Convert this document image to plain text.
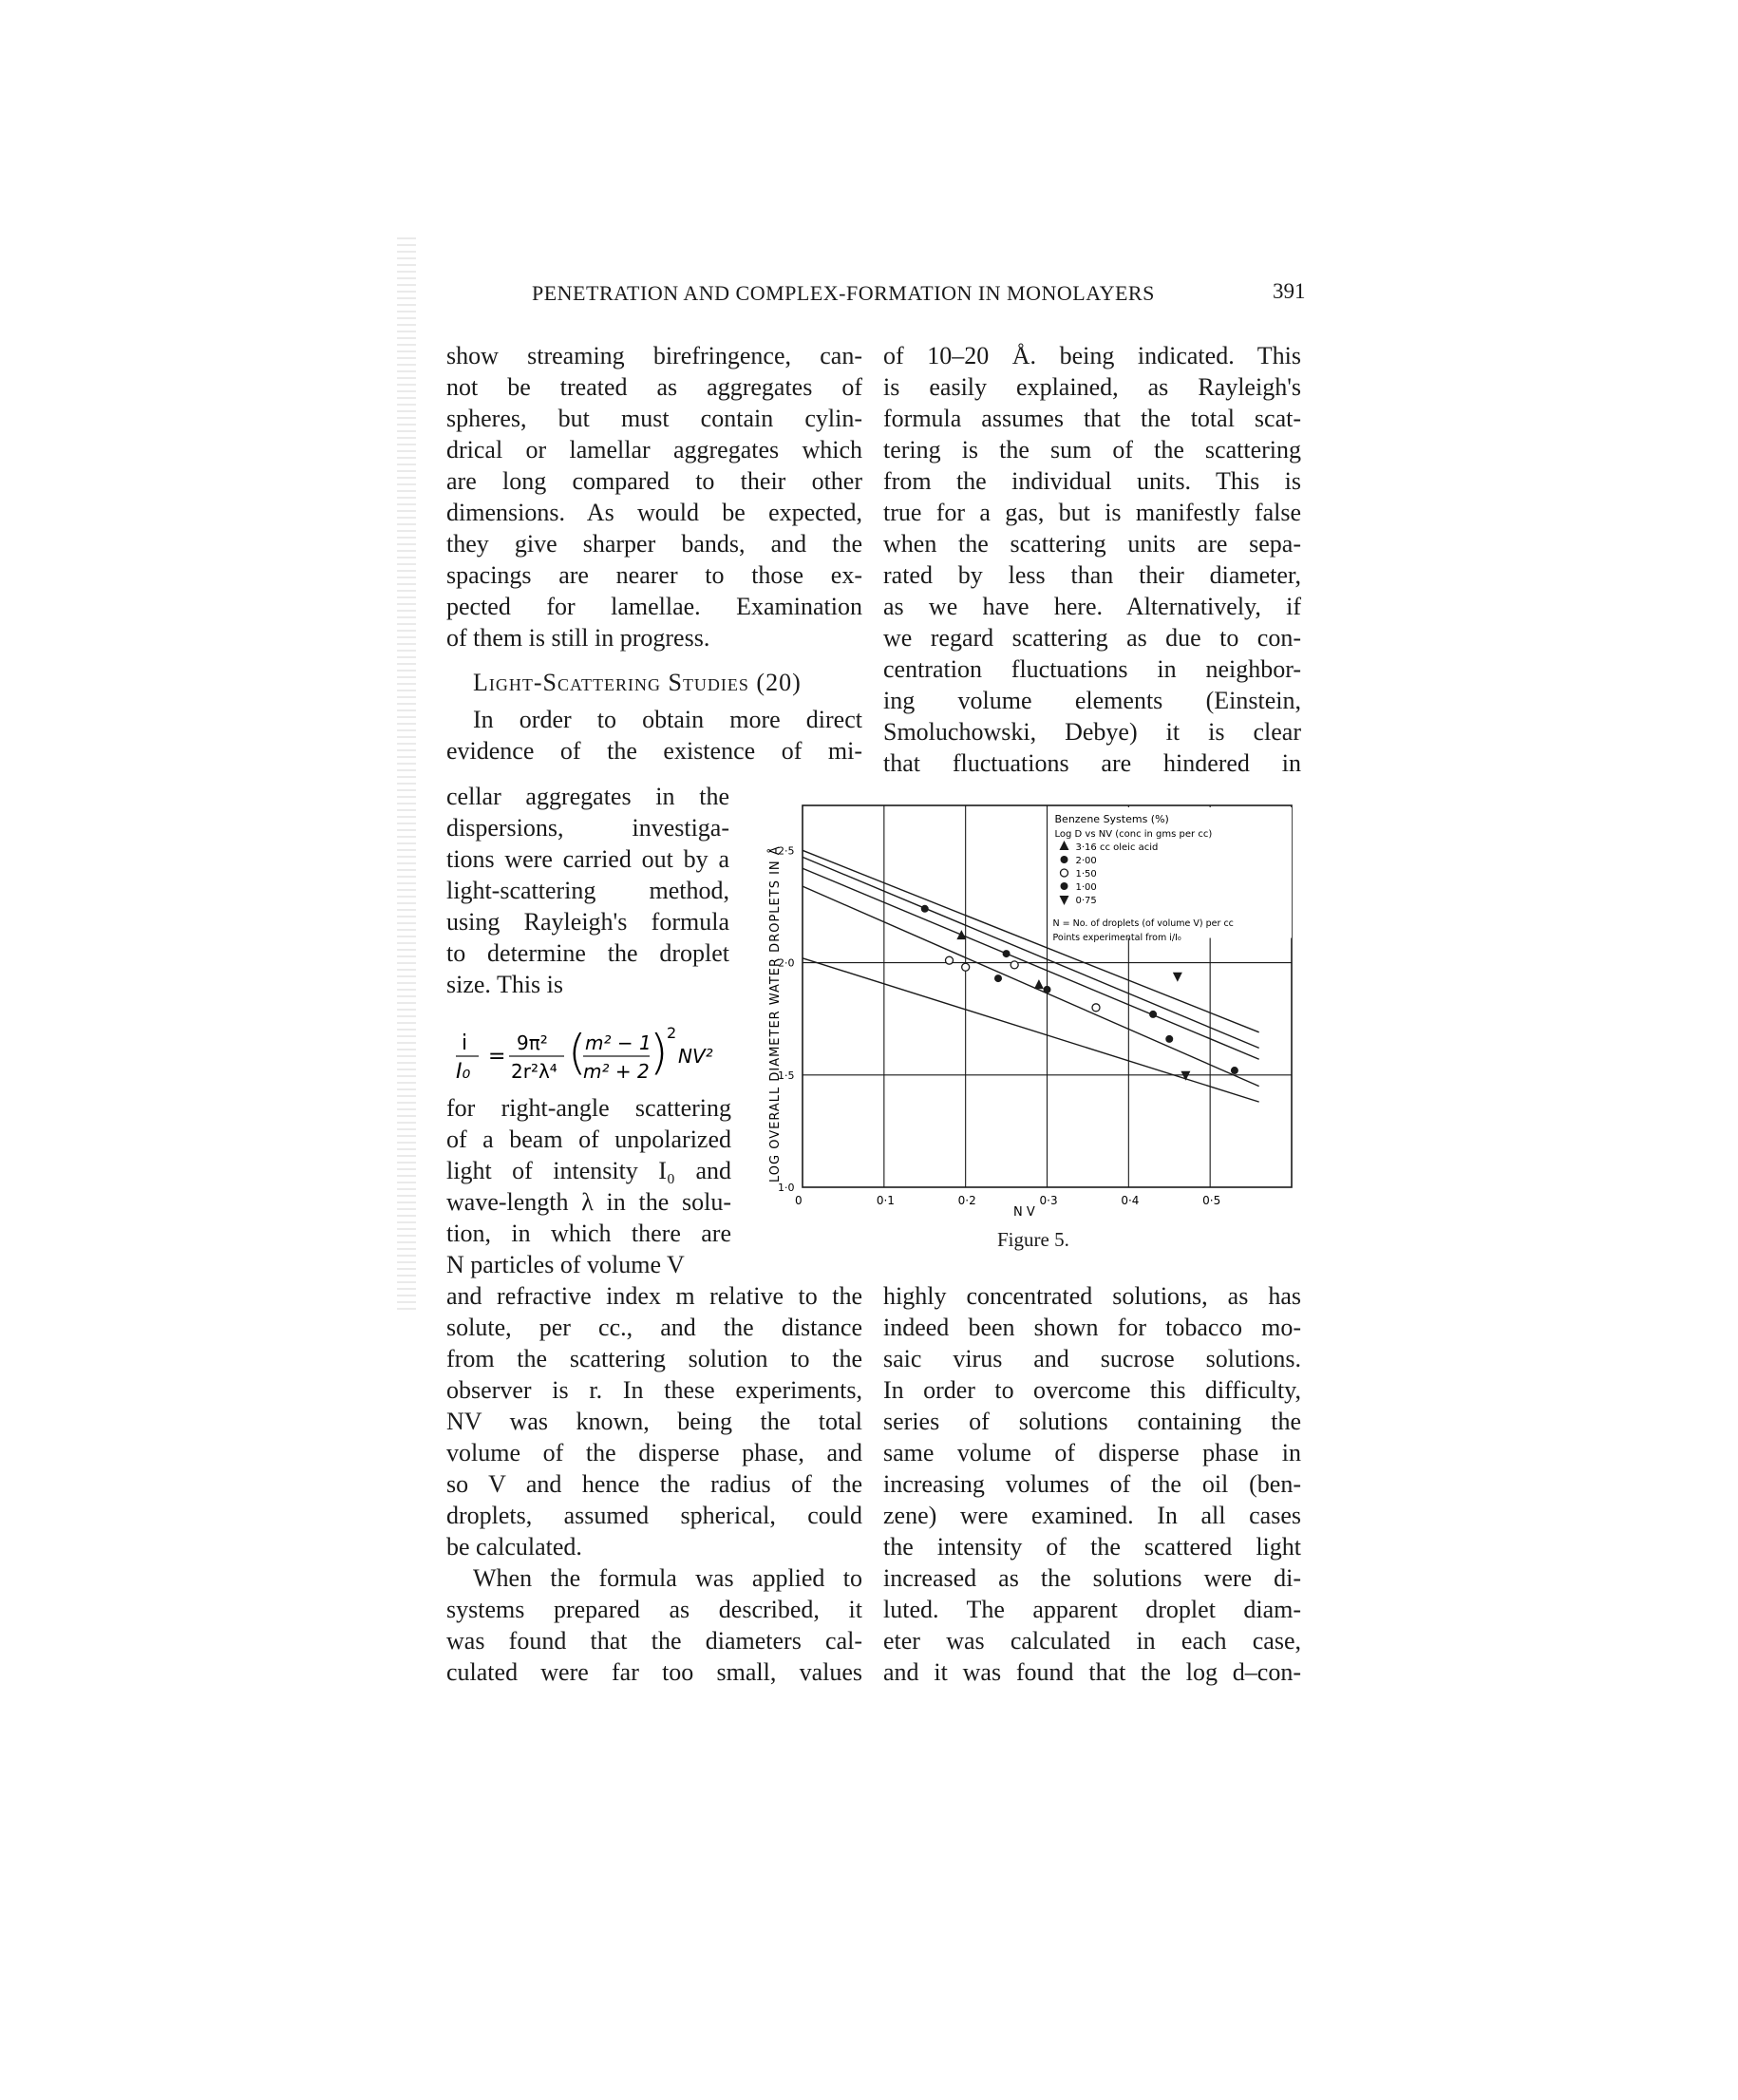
PENETRATION AND COMPLEX-FORMATION IN MONOLAYERS	391
show streaming birefringence, can-
not be treated as aggregates of
spheres, but must contain cylin-
drical or lamellar aggregates which
are long compared to their other
dimensions. As would be expected,
they give sharper bands, and the
spacings are nearer to those ex-
pected for lamellae. Examination
of them is still in progress.
Light-Scattering Studies (20)
In order to obtain more direct
evidence of the existence of mi-
cellar aggregates in the
dispersions, investiga-
tions were carried out by a
light-scattering method,
using Rayleigh's formula
to determine the droplet
size. This is
i
I₀
=
9π²
2r²λ⁴ (
m² − 1
m² + 2 )
2
NV²
for right-angle scattering
of a beam of unpolarized
light of intensity I₀ and
wave-length λ in the solu-
tion, in which there are
N particles of volume V
and refractive index m relative to the
solute, per cc., and the distance
from the scattering solution to the
observer is r. In these experiments,
NV was known, being the total
volume of the disperse phase, and
so V and hence the radius of the
droplets, assumed spherical, could
be calculated.
When the formula was applied to
systems prepared as described, it
was found that the diameters cal-
culated were far too small, values
of 10–20 Å. being indicated. This
is easily explained, as Rayleigh's
formula assumes that the total scat-
tering is the sum of the scattering
from the individual units. This is
true for a gas, but is manifestly false
when the scattering units are sepa-
rated by less than their diameter,
as we have here. Alternatively, if
we regard scattering as due to con-
centration fluctuations in neighbor-
ing volume elements (Einstein,
Smoluchowski, Debye) it is clear
that fluctuations are hindered in
highly concentrated solutions, as has
indeed been shown for tobacco mo-
saic virus and sucrose solutions.
In order to overcome this difficulty,
series of solutions containing the
same volume of disperse phase in
increasing volumes of the oil (ben-
zene) were examined. In all cases
the intensity of the scattered light
increased as the solutions were di-
luted. The apparent droplet diam-
eter was calculated in each case,
and it was found that the log d–con-
0	0·1	0·2	0·3	0·4	0·5
1·0
1·5
2·0
2·5
Benzene Systems (%)
Log D vs NV (conc in gms per cc)
3·16 cc oleic acid
2·00
1·50
1·00
0·75
N = No. of droplets (of volume V) per cc
Points experimental from i/I₀
LOG OVERALL DIAMETER WATER DROPLETS IN Å
N V
Figure 5.
